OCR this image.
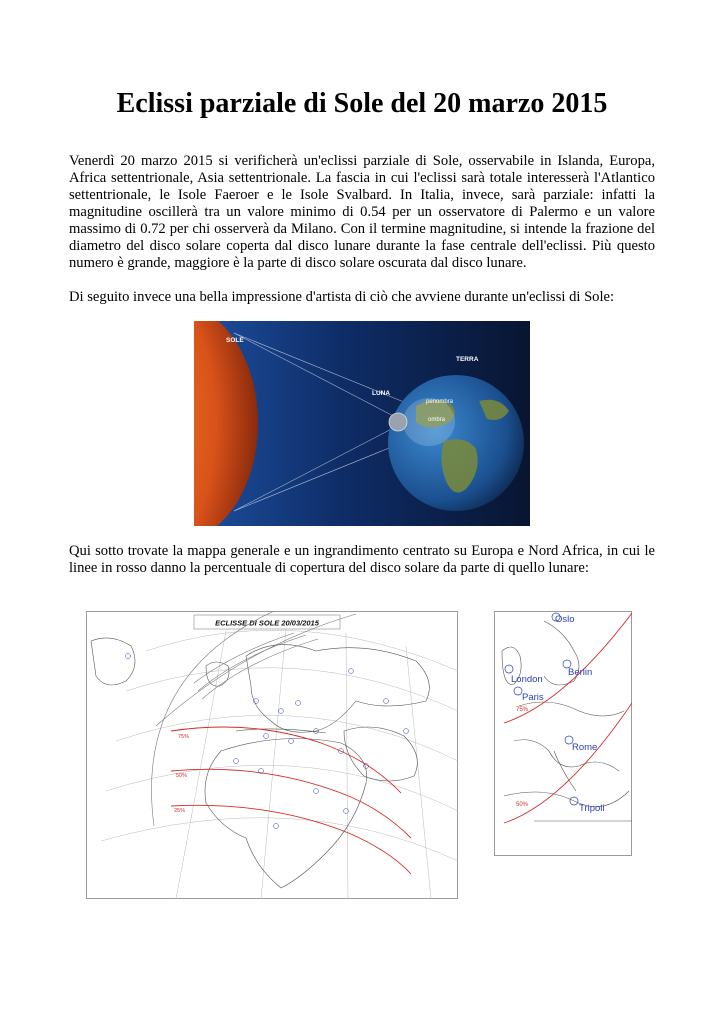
Eclissi parziale di Sole del 20 marzo 2015

Venerdì 20 marzo 2015 si verificherà un'eclissi parziale di Sole, osservabile in Islanda, Europa, Africa settentrionale, Asia settentrionale. La fascia in cui l'eclissi sarà totale interesserà l'Atlantico settentrionale, le Isole Faeroer e le Isole Svalbard. In Italia, invece, sarà parziale: infatti la magnitudine oscillerà tra un valore minimo di 0.54 per un osservatore di Palermo e un valore massimo di 0.72 per chi osserverà da Milano. Con il termine magnitudine, si intende la frazione del diametro del disco solare coperta dal disco lunare durante la fase centrale dell'eclissi. Più questo numero è grande, maggiore è la parte di disco solare oscurata dal disco lunare.

Di seguito invece una bella impressione d'artista di ciò che avviene durante un'eclissi di Sole:

SOLE
TERRA
LUNA
penombra
ombra

Qui sotto trovate la mappa generale e un ingrandimento centrato su Europa e Nord Africa, in cui le linee in rosso danno la percentuale di copertura del disco solare da parte di quello lunare:

ECLISSE DI SOLE 20/03/2015
75%
50%
25%
75%
50%
Oslo
London
Berlin
Paris
Rome
Tripoli
